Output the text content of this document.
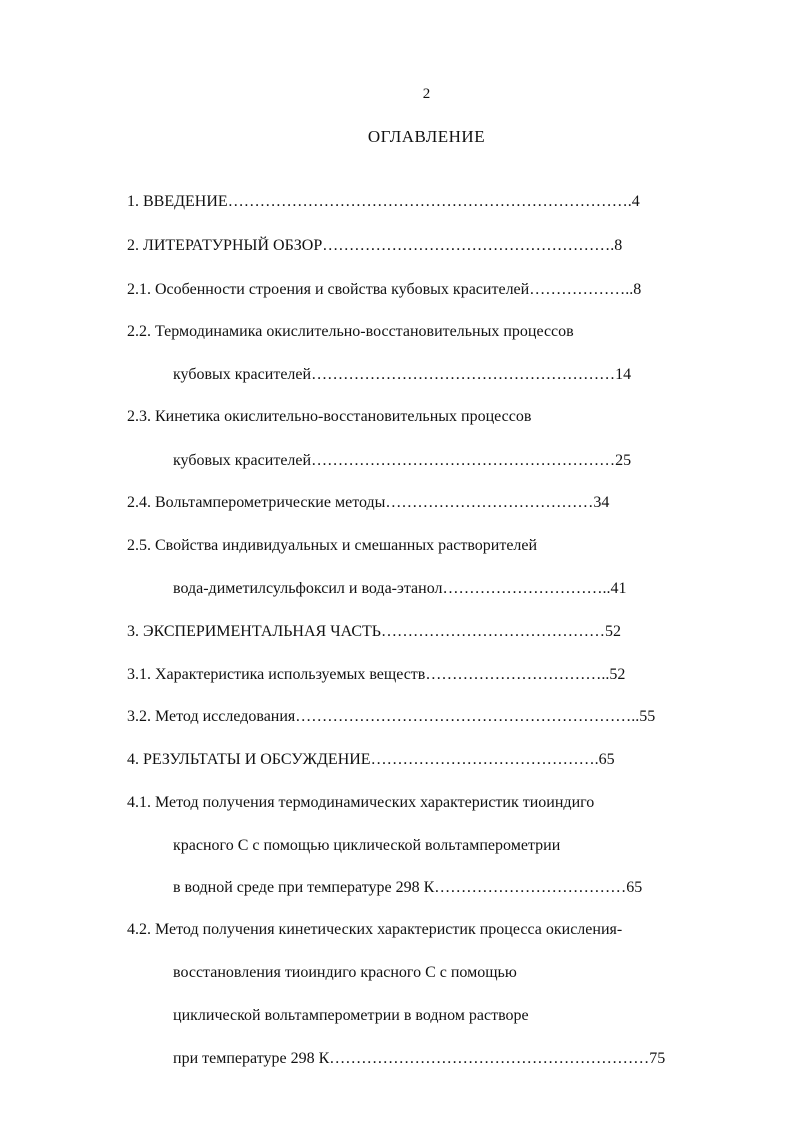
2
ОГЛАВЛЕНИЕ
1. ВВЕДЕНИЕ………………………………………………………………….4
2. ЛИТЕРАТУРНЫЙ ОБЗОР……………………………………………….8
2.1. Особенности строения и свойства кубовых красителей………………..8
2.2. Термодинамика окислительно-восстановительных процессов
кубовых красителей…………………………………………………14
2.3. Кинетика окислительно-восстановительных процессов
кубовых красителей…………………………………………………25
2.4. Вольтамперометрические методы…………………………………34
2.5. Свойства индивидуальных и смешанных растворителей
вода-диметилсульфоксил и вода-этанол…………………………..41
3. ЭКСПЕРИМЕНТАЛЬНАЯ ЧАСТЬ……………………………………52
3.1. Характеристика используемых веществ……………………………..52
3.2. Метод исследования………………………………………………………..55
4. РЕЗУЛЬТАТЫ И ОБСУЖДЕНИЕ…………………………………….65
4.1. Метод получения термодинамических характеристик тиоиндиго
красного С с помощью циклической вольтамперометрии
в водной среде при температуре 298 К………………………………65
4.2. Метод получения кинетических характеристик процесса окисления-
восстановления тиоиндиго красного С с помощью
циклической вольтамперометрии в водном растворе
при температуре 298 К……………………………………………………75
